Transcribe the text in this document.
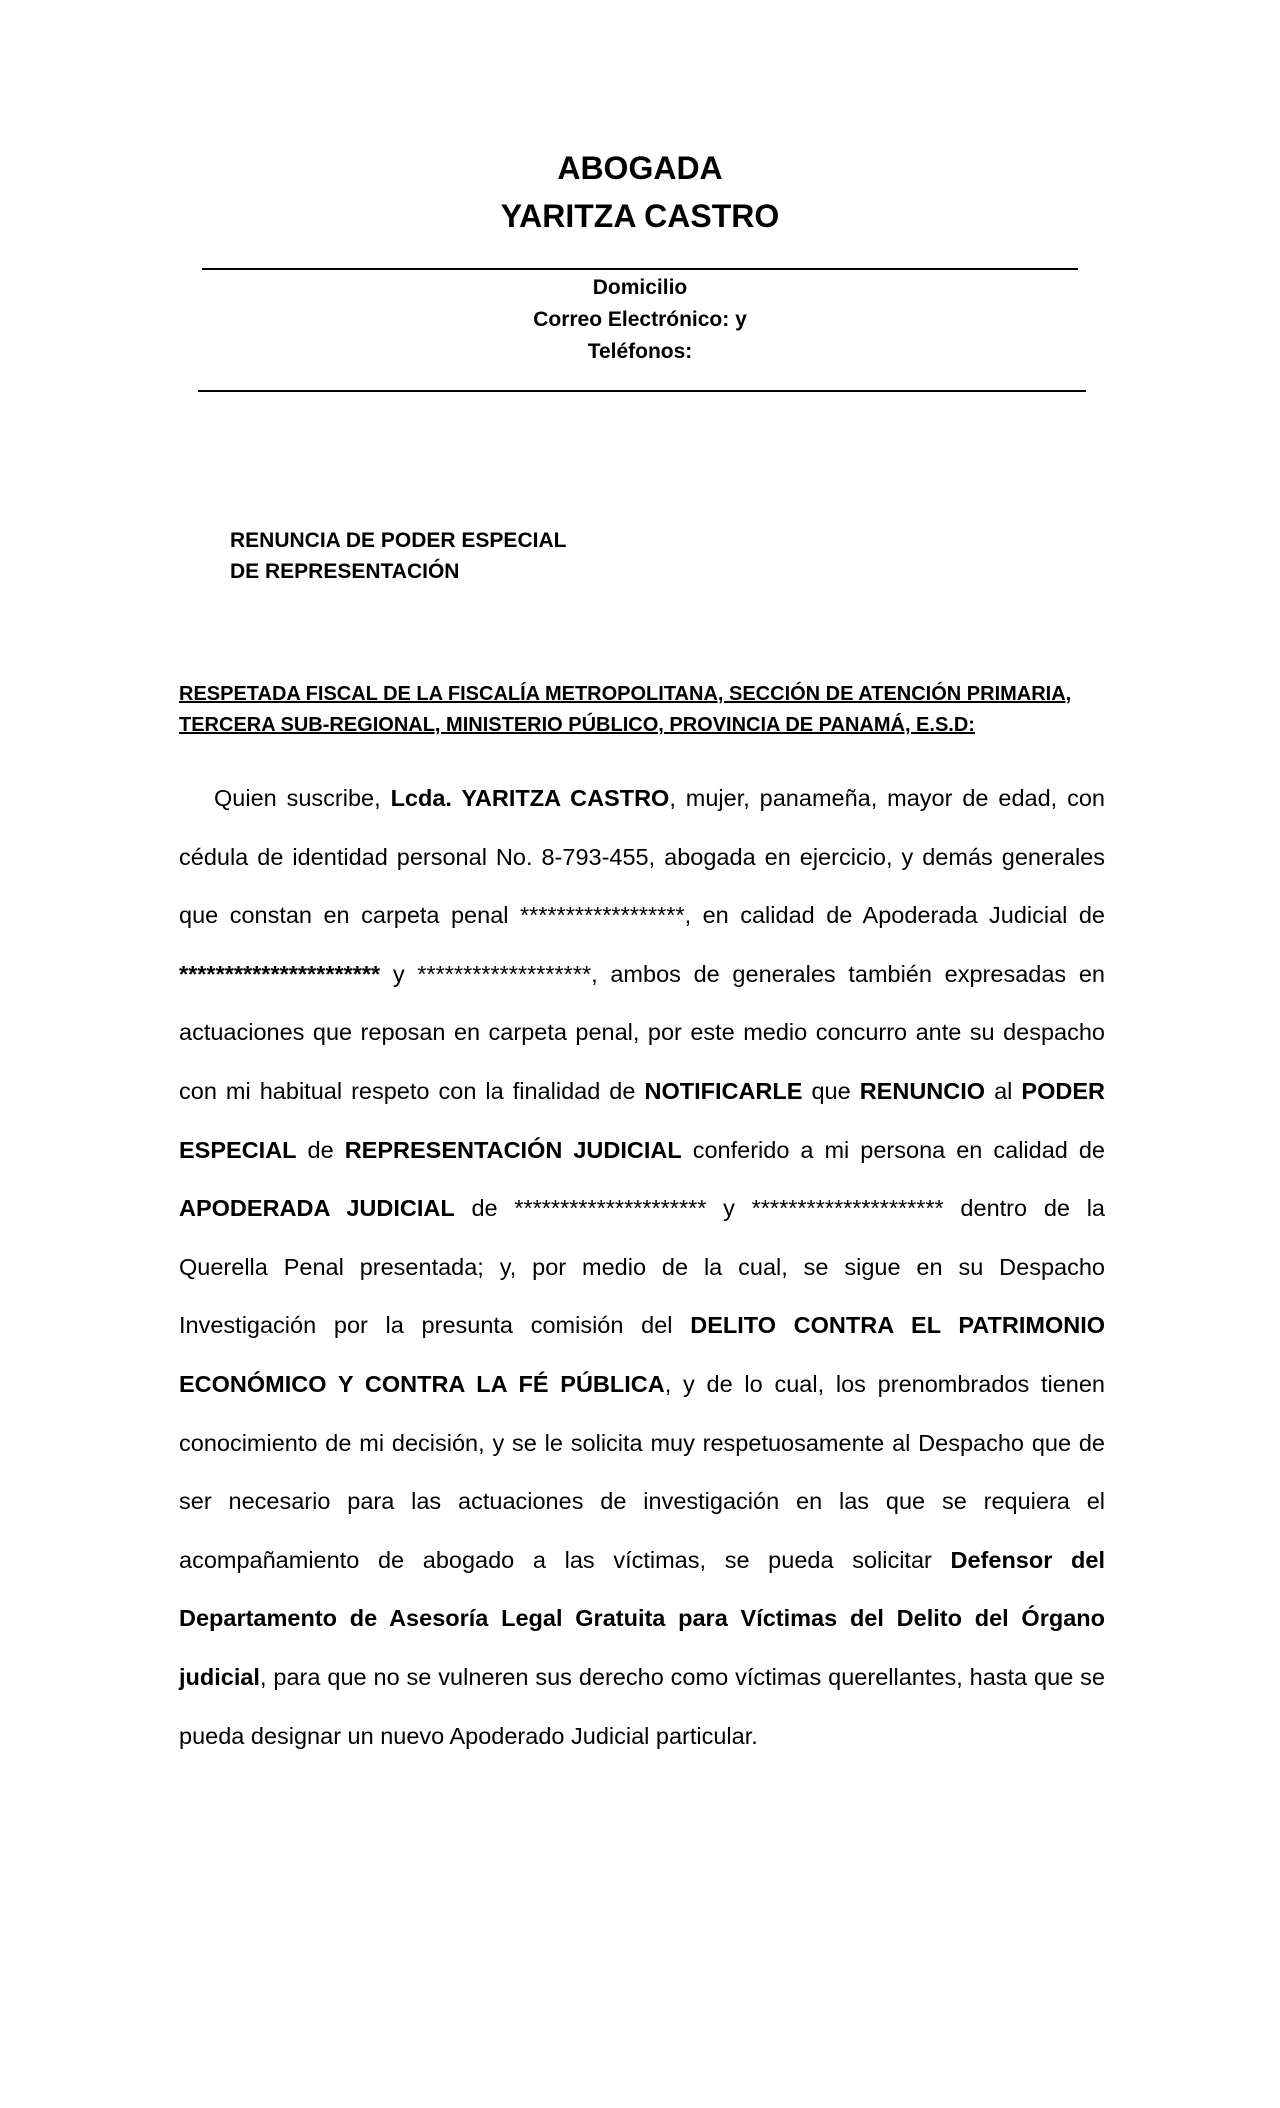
ABOGADA
YARITZA CASTRO
Domicilio
Correo Electrónico: y
Teléfonos:
RENUNCIA DE PODER ESPECIAL
DE REPRESENTACIÓN
RESPETADA FISCAL DE LA FISCALÍA METROPOLITANA, SECCIÓN DE ATENCIÓN PRIMARIA,
TERCERA SUB-REGIONAL, MINISTERIO PÚBLICO, PROVINCIA DE PANAMÁ, E.S.D:

Quien suscribe, Lcda. YARITZA CASTRO, mujer, panameña, mayor de edad, con cédula de identidad personal No. 8-793-455, abogada en ejercicio, y demás generales que constan en carpeta penal ******************, en calidad de Apoderada Judicial de ********************** y *******************, ambos de generales también expresadas en actuaciones que reposan en carpeta penal, por este medio concurro ante su despacho con mi habitual respeto con la finalidad de NOTIFICARLE que RENUNCIO al PODER ESPECIAL de REPRESENTACIÓN JUDICIAL conferido a mi persona en calidad de APODERADA JUDICIAL de ********************* y ********************* dentro de la Querella Penal presentada; y, por medio de la cual, se sigue en su Despacho Investigación por la presunta comisión del DELITO CONTRA EL PATRIMONIO ECONÓMICO Y CONTRA LA FÉ PÚBLICA, y de lo cual, los prenombrados tienen conocimiento de mi decisión, y se le solicita muy respetuosamente al Despacho que de ser necesario para las actuaciones de investigación en las que se requiera el acompañamiento de abogado a las víctimas, se pueda solicitar Defensor del Departamento de Asesoría Legal Gratuita para Víctimas del Delito del Órgano judicial, para que no se vulneren sus derecho como víctimas querellantes, hasta que se pueda designar un nuevo Apoderado Judicial particular.
